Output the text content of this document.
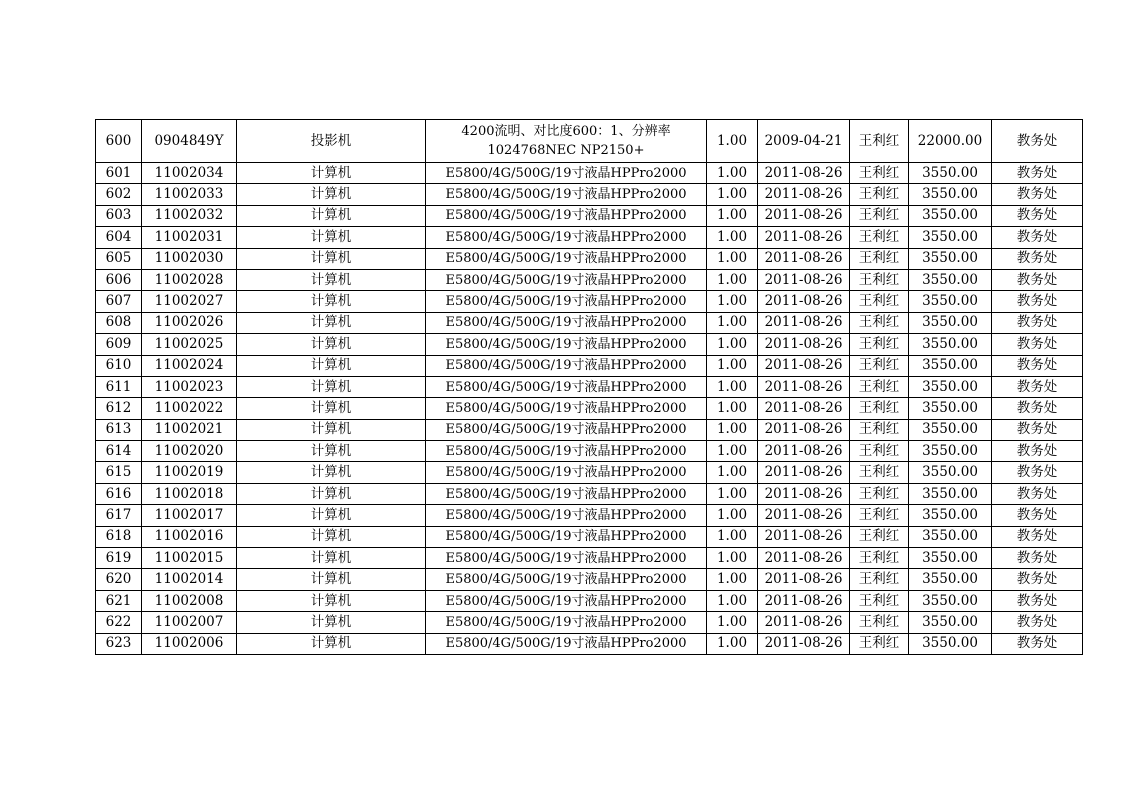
600	0904849Y	投影机	4200流明、对比度600：1、分辨率1024768NEC NP2150+	1.00	2009-04-21	王利红	22000.00	教务处
601	11002034	计算机	E5800/4G/500G/19寸液晶HPPro2000	1.00	2011-08-26	王利红	3550.00	教务处
602	11002033	计算机	E5800/4G/500G/19寸液晶HPPro2000	1.00	2011-08-26	王利红	3550.00	教务处
603	11002032	计算机	E5800/4G/500G/19寸液晶HPPro2000	1.00	2011-08-26	王利红	3550.00	教务处
604	11002031	计算机	E5800/4G/500G/19寸液晶HPPro2000	1.00	2011-08-26	王利红	3550.00	教务处
605	11002030	计算机	E5800/4G/500G/19寸液晶HPPro2000	1.00	2011-08-26	王利红	3550.00	教务处
606	11002028	计算机	E5800/4G/500G/19寸液晶HPPro2000	1.00	2011-08-26	王利红	3550.00	教务处
607	11002027	计算机	E5800/4G/500G/19寸液晶HPPro2000	1.00	2011-08-26	王利红	3550.00	教务处
608	11002026	计算机	E5800/4G/500G/19寸液晶HPPro2000	1.00	2011-08-26	王利红	3550.00	教务处
609	11002025	计算机	E5800/4G/500G/19寸液晶HPPro2000	1.00	2011-08-26	王利红	3550.00	教务处
610	11002024	计算机	E5800/4G/500G/19寸液晶HPPro2000	1.00	2011-08-26	王利红	3550.00	教务处
611	11002023	计算机	E5800/4G/500G/19寸液晶HPPro2000	1.00	2011-08-26	王利红	3550.00	教务处
612	11002022	计算机	E5800/4G/500G/19寸液晶HPPro2000	1.00	2011-08-26	王利红	3550.00	教务处
613	11002021	计算机	E5800/4G/500G/19寸液晶HPPro2000	1.00	2011-08-26	王利红	3550.00	教务处
614	11002020	计算机	E5800/4G/500G/19寸液晶HPPro2000	1.00	2011-08-26	王利红	3550.00	教务处
615	11002019	计算机	E5800/4G/500G/19寸液晶HPPro2000	1.00	2011-08-26	王利红	3550.00	教务处
616	11002018	计算机	E5800/4G/500G/19寸液晶HPPro2000	1.00	2011-08-26	王利红	3550.00	教务处
617	11002017	计算机	E5800/4G/500G/19寸液晶HPPro2000	1.00	2011-08-26	王利红	3550.00	教务处
618	11002016	计算机	E5800/4G/500G/19寸液晶HPPro2000	1.00	2011-08-26	王利红	3550.00	教务处
619	11002015	计算机	E5800/4G/500G/19寸液晶HPPro2000	1.00	2011-08-26	王利红	3550.00	教务处
620	11002014	计算机	E5800/4G/500G/19寸液晶HPPro2000	1.00	2011-08-26	王利红	3550.00	教务处
621	11002008	计算机	E5800/4G/500G/19寸液晶HPPro2000	1.00	2011-08-26	王利红	3550.00	教务处
622	11002007	计算机	E5800/4G/500G/19寸液晶HPPro2000	1.00	2011-08-26	王利红	3550.00	教务处
623	11002006	计算机	E5800/4G/500G/19寸液晶HPPro2000	1.00	2011-08-26	王利红	3550.00	教务处
